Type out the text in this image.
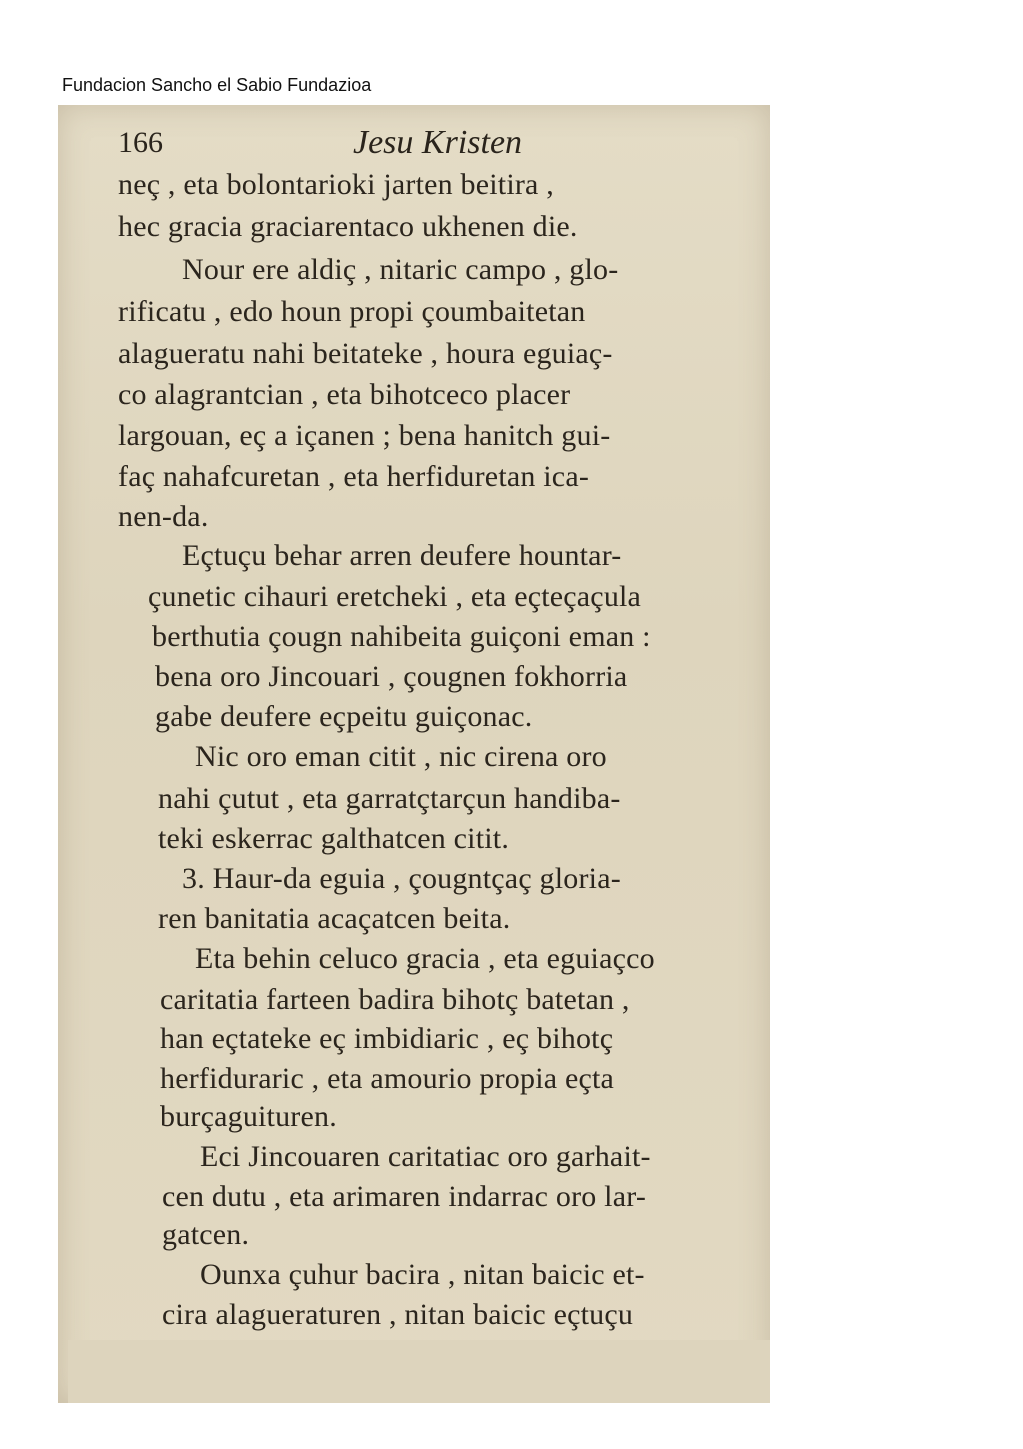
Fundacion Sancho el Sabio Fundazioa
166	Jesu Kristen
neç , eta bolontarioki jarten beitira ,
hec gracia graciarentaco ukhenen die.
Nour ere aldiç , nitaric campo , glo-
rificatu , edo houn propi çoumbaitetan
alagueratu nahi beitateke , houra eguiaç-
co alagrantcian , eta bihotceco placer
largouan, eç a içanen ; bena hanitch gui-
faç nahafcuretan , eta herfiduretan ica-
nen-da.
Eçtuçu behar arren deufere hountar-
çunetic cihauri eretcheki , eta eçteçaçula
berthutia çougn nahibeita guiçoni eman :
bena oro Jincouari , çougnen fokhorria
gabe deufere eçpeitu guiçonac.
Nic oro eman citit , nic cirena oro
nahi çutut , eta garratçtarçun handiba-
teki eskerrac galthatcen citit.
3. Haur-da eguia , çougntçaç gloria-
ren banitatia acaçatcen beita.
Eta behin celuco gracia , eta eguiaçco
caritatia farteen badira bihotç batetan ,
han eçtateke eç imbidiaric , eç bihotç
herfiduraric , eta amourio propia eçta
burçaguituren.
Eci Jincouaren caritatiac oro garhait-
cen dutu , eta arimaren indarrac oro lar-
gatcen.
Ounxa çuhur bacira , nitan baicic et-
cira alagueraturen , nitan baicic eçtuçu
